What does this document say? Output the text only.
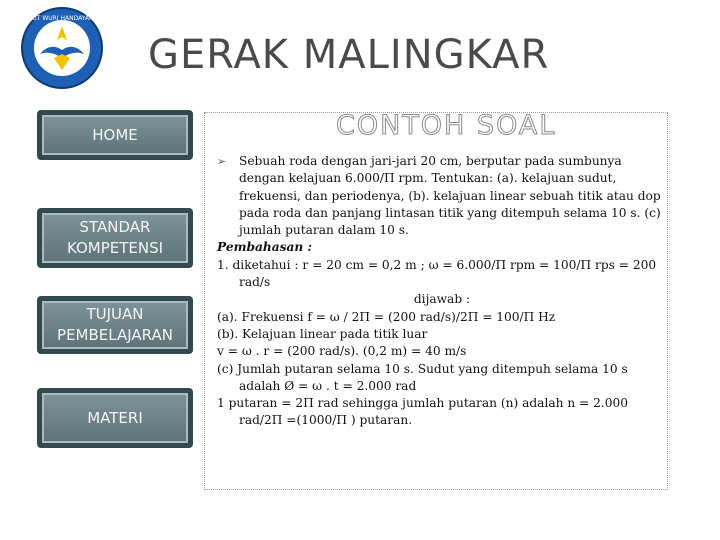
TUT WURI HANDAYANI
GERAK MALINGKAR
HOME
STANDAR
KOMPETENSI
TUJUAN
PEMBELAJARAN
MATERI
CONTOH SOAL
➢	Sebuah roda dengan jari-jari 20 cm, berputar pada sumbunya dengan kelajuan 6.000/Π rpm. Tentukan: (a). kelajuan sudut, frekuensi, dan periodenya, (b). kelajuan linear sebuah titik atau dop pada roda dan panjang lintasan titik yang ditempuh selama 10 s. (c) jumlah putaran dalam 10 s.
Pembahasan :
1. diketahui : r = 20 cm = 0,2 m ; ω = 6.000/Π rpm = 100/Π rps = 200 rad/s
dijawab :
(a). Frekuensi f = ω / 2Π = (200 rad/s)/2Π = 100/Π Hz
(b). Kelajuan linear pada titik luar
v = ω . r = (200 rad/s). (0,2 m) = 40 m/s
(c) Jumlah putaran selama 10 s. Sudut yang ditempuh selama 10 s adalah Ø = ω . t = 2.000 rad
1 putaran = 2Π rad sehingga jumlah putaran (n) adalah n = 2.000 rad/2Π =(1000/Π ) putaran.
